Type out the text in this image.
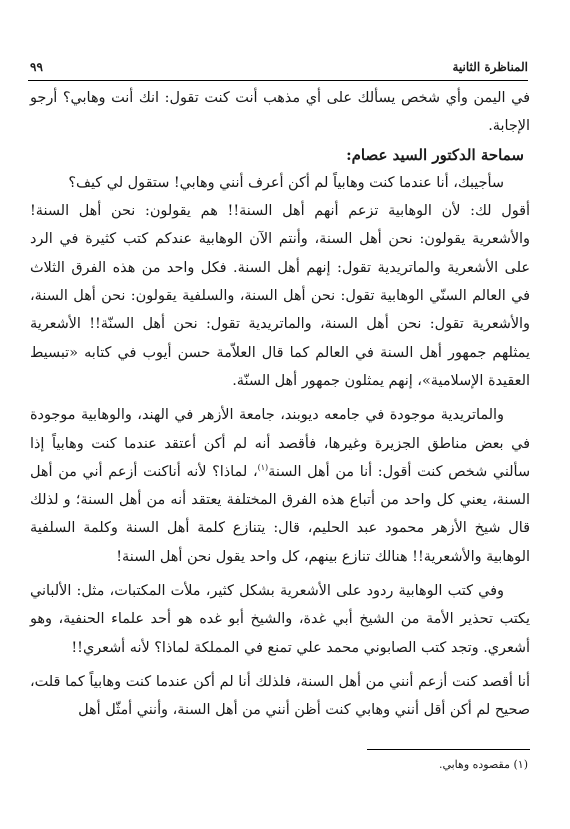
المناظرة الثانية
٩٩

في اليمن وأي شخص يسألك على أي مذهب أنت كنت تقول: انك أنت وهابي؟ أرجو الإجابة.

سماحة الدكتور السيد عصام:

سأجيبك، أنا عندما كنت وهابياً لم أكن أعرف أنني وهابي! ستقول لي كيف؟

أقول لك: لأن الوهابية تزعم أنهم أهل السنة!! هم يقولون: نحن أهل السنة! والأشعرية يقولون: نحن أهل السنة، وأنتم الآن الوهابية عندكم كتب كثيرة في الرد على الأشعرية والماتريدية تقول: إنهم أهل السنة. فكل واحد من هذه الفرق الثلاث في العالم السنّي الوهابية تقول: نحن أهل السنة، والسلفية يقولون: نحن أهل السنة، والأشعرية تقول: نحن أهل السنة، والماتريدية تقول: نحن أهل السنّة!! الأشعرية يمثلهم جمهور أهل السنة في العالم كما قال العلاّمة حسن أيوب في كتابه «تبسيط العقيدة الإسلامية»، إنهم يمثلون جمهور أهل السنّة.

والماتريدية موجودة في جامعه ديوبند، جامعة الأزهر في الهند، والوهابية موجودة في بعض مناطق الجزيرة وغيرها، فأقصد أنه لم أكن أعتقد عندما كنت وهابياً إذا سألني شخص كنت أقول: أنا من أهل السنة$^{(١)}$، لماذا؟ لأنه أناكنت أزعم أني من أهل السنة، يعني كل واحد من أتباع هذه الفرق المختلفة يعتقد أنه من أهل السنة؛ و لذلك قال شيخ الأزهر محمود عبد الحليم، قال: يتنازع كلمة أهل السنة وكلمة السلفية الوهابية والأشعرية!! هنالك تنازع بينهم، كل واحد يقول نحن أهل السنة!

وفي كتب الوهابية ردود على الأشعرية بشكل كثير، ملأت المكتبات، مثل: الألباني يكتب تحذير الأمة من الشيخ أبي غدة، والشيخ أبو غده هو أحد علماء الحنفية، وهو أشعري. وتجد كتب الصابوني محمد علي تمنع في المملكة لماذا؟ لأنه أشعري!!

أنا أقصد كنت أزعم أنني من أهل السنة، فلذلك أنا لم أكن عندما كنت وهابياً كما قلت، صحيح لم أكن أقل أنني وهابي كنت أظن أنني من أهل السنة، وأنني أمثّل أهل

(١) مقصوده وهابي.
